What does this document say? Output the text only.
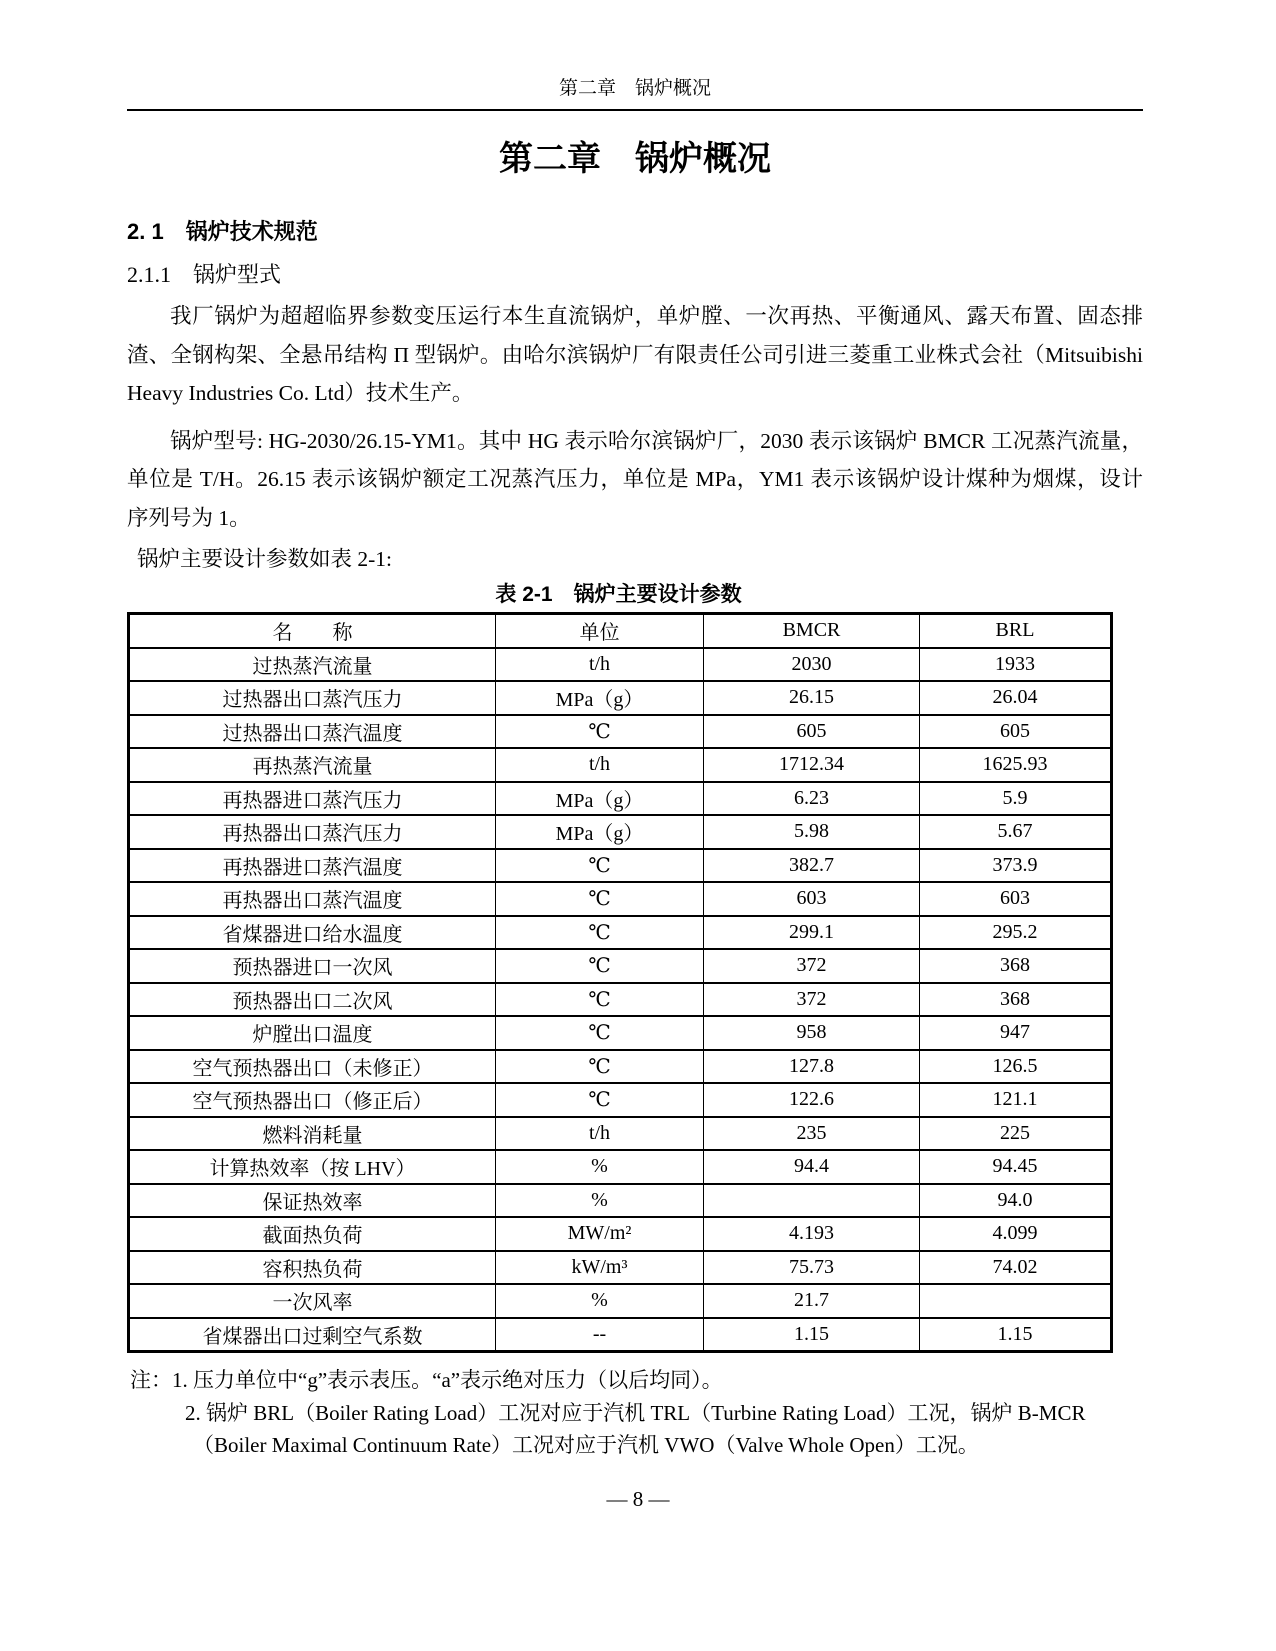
第二章　锅炉概况
第二章　锅炉概况
2. 1　锅炉技术规范
2.1.1　锅炉型式
我厂锅炉为超超临界参数变压运行本生直流锅炉，单炉膛、一次再热、平衡通风、露天布置、固态排
渣、全钢构架、全悬吊结构 Π 型锅炉。由哈尔滨锅炉厂有限责任公司引进三菱重工业株式会社（Mitsuibishi
Heavy Industries Co. Ltd）技术生产。
锅炉型号: HG-2030/26.15-YM1。其中 HG 表示哈尔滨锅炉厂，2030 表示该锅炉 BMCR 工况蒸汽流量，
单位是 T/H。26.15 表示该锅炉额定工况蒸汽压力，单位是 MPa，YM1 表示该锅炉设计煤种为烟煤，设计
序列号为 1。
锅炉主要设计参数如表 2-1:
表 2-1　锅炉主要设计参数
名　　称	单位	BMCR	BRL
过热蒸汽流量	t/h	2030	1933
过热器出口蒸汽压力	MPa（g）	26.15	26.04
过热器出口蒸汽温度	℃	605	605
再热蒸汽流量	t/h	1712.34	1625.93
再热器进口蒸汽压力	MPa（g）	6.23	5.9
再热器出口蒸汽压力	MPa（g）	5.98	5.67
再热器进口蒸汽温度	℃	382.7	373.9
再热器出口蒸汽温度	℃	603	603
省煤器进口给水温度	℃	299.1	295.2
预热器进口一次风	℃	372	368
预热器出口二次风	℃	372	368
炉膛出口温度	℃	958	947
空气预热器出口（未修正）	℃	127.8	126.5
空气预热器出口（修正后）	℃	122.6	121.1
燃料消耗量	t/h	235	225
计算热效率（按 LHV）	%	94.4	94.45
保证热效率	%		94.0
截面热负荷	MW/m²	4.193	4.099
容积热负荷	kW/m³	75.73	74.02
一次风率	%	21.7	
省煤器出口过剩空气系数	--	1.15	1.15
注：1. 压力单位中“g”表示表压。“a”表示绝对压力（以后均同）。
2. 锅炉 BRL（Boiler Rating Load）工况对应于汽机 TRL（Turbine Rating Load）工况，锅炉 B-MCR
（Boiler Maximal Continuum Rate）工况对应于汽机 VWO（Valve Whole Open）工况。
— 8 —
